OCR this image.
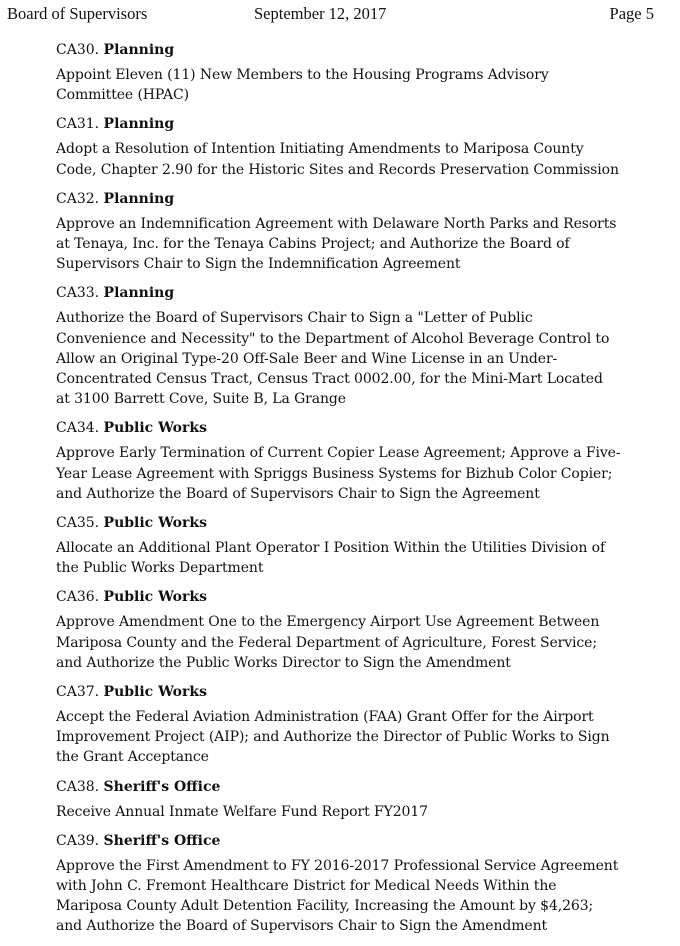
Board of Supervisors	September 12, 2017	Page 5
CA30. Planning
Appoint Eleven (11) New Members to the Housing Programs Advisory
Committee (HPAC)
CA31. Planning
Adopt a Resolution of Intention Initiating Amendments to Mariposa County
Code, Chapter 2.90 for the Historic Sites and Records Preservation Commission
CA32. Planning
Approve an Indemnification Agreement with Delaware North Parks and Resorts
at Tenaya, Inc. for the Tenaya Cabins Project; and Authorize the Board of
Supervisors Chair to Sign the Indemnification Agreement
CA33. Planning
Authorize the Board of Supervisors Chair to Sign a "Letter of Public
Convenience and Necessity" to the Department of Alcohol Beverage Control to
Allow an Original Type-20 Off-Sale Beer and Wine License in an Under-
Concentrated Census Tract, Census Tract 0002.00, for the Mini-Mart Located
at 3100 Barrett Cove, Suite B, La Grange
CA34. Public Works
Approve Early Termination of Current Copier Lease Agreement; Approve a Five-
Year Lease Agreement with Spriggs Business Systems for Bizhub Color Copier;
and Authorize the Board of Supervisors Chair to Sign the Agreement
CA35. Public Works
Allocate an Additional Plant Operator I Position Within the Utilities Division of
the Public Works Department
CA36. Public Works
Approve Amendment One to the Emergency Airport Use Agreement Between
Mariposa County and the Federal Department of Agriculture, Forest Service;
and Authorize the Public Works Director to Sign the Amendment
CA37. Public Works
Accept the Federal Aviation Administration (FAA) Grant Offer for the Airport
Improvement Project (AIP); and Authorize the Director of Public Works to Sign
the Grant Acceptance
CA38. Sheriff's Office
Receive Annual Inmate Welfare Fund Report FY2017
CA39. Sheriff's Office
Approve the First Amendment to FY 2016-2017 Professional Service Agreement
with John C. Fremont Healthcare District for Medical Needs Within the
Mariposa County Adult Detention Facility, Increasing the Amount by $4,263;
and Authorize the Board of Supervisors Chair to Sign the Amendment
